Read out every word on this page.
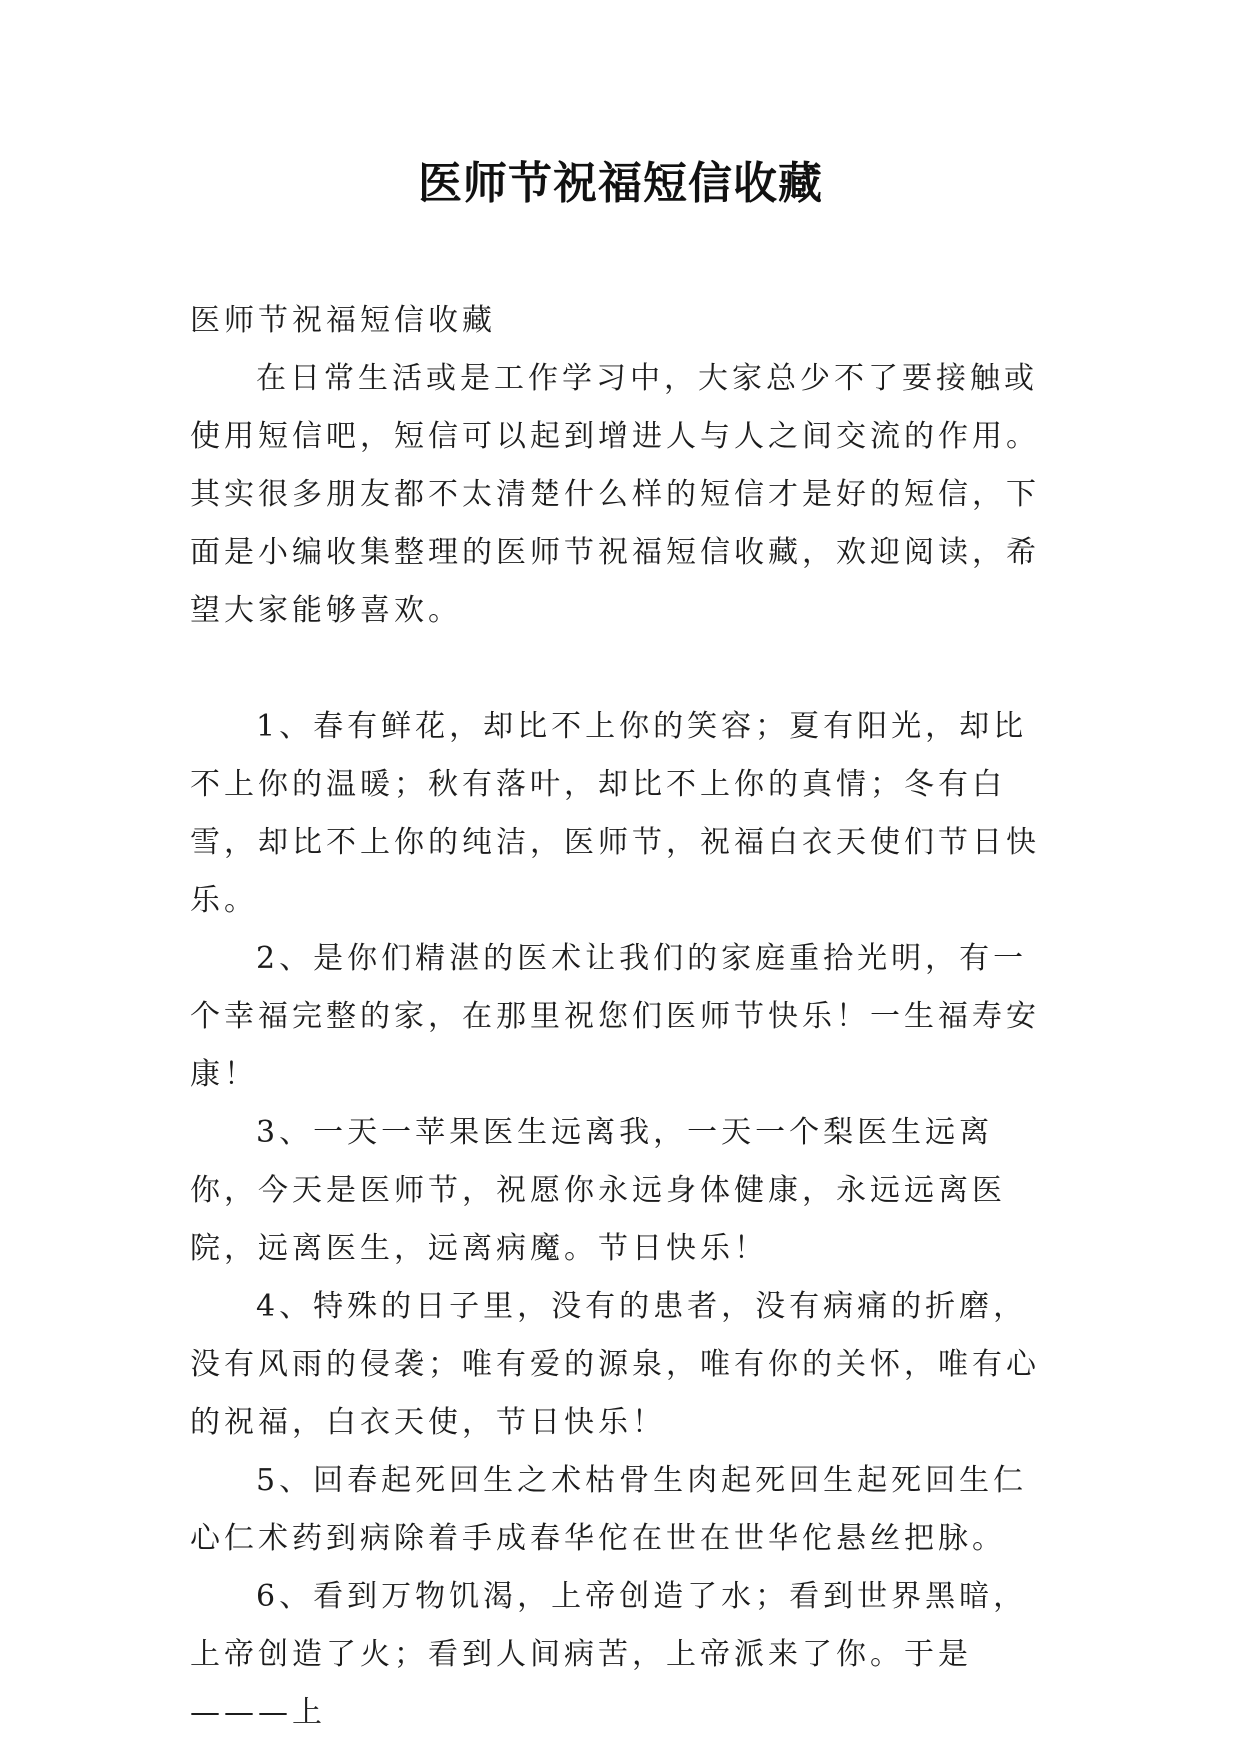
医师节祝福短信收藏

医师节祝福短信收藏

在日常生活或是工作学习中，大家总少不了要接触或使用短信吧，短信可以起到增进人与人之间交流的作用。其实很多朋友都不太清楚什么样的短信才是好的短信，下面是小编收集整理的医师节祝福短信收藏，欢迎阅读，希望大家能够喜欢。

1、春有鲜花，却比不上你的笑容；夏有阳光，却比不上你的温暖；秋有落叶，却比不上你的真情；冬有白雪，却比不上你的纯洁，医师节，祝福白衣天使们节日快乐。

2、是你们精湛的医术让我们的家庭重拾光明，有一个幸福完整的家，在那里祝您们医师节快乐！一生福寿安康！

3、一天一苹果医生远离我，一天一个梨医生远离你，今天是医师节，祝愿你永远身体健康，永远远离医院，远离医生，远离病魔。节日快乐！

4、特殊的日子里，没有的患者，没有病痛的折磨，没有风雨的侵袭；唯有爱的源泉，唯有你的关怀，唯有心的祝福，白衣天使，节日快乐！

5、回春起死回生之术枯骨生肉起死回生起死回生仁心仁术药到病除着手成春华佗在世在世华佗悬丝把脉。

6、看到万物饥渴，上帝创造了水；看到世界黑暗，上帝创造了火；看到人间病苦，上帝派来了你。于是———上
